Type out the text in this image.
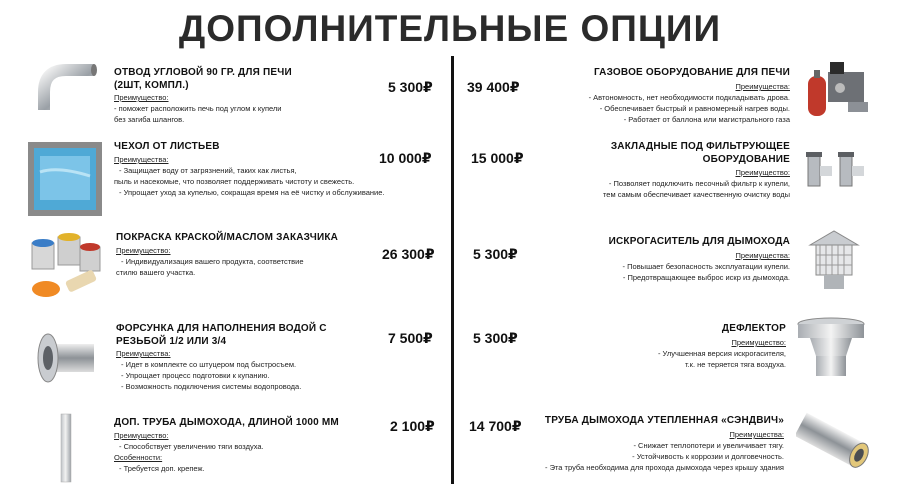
ДОПОЛНИТЕЛЬНЫЕ ОПЦИИ
ОТВОД УГЛОВОЙ 90 ГР. ДЛЯ ПЕЧИ (2ШТ, КОМПЛ.)
Преимущество:
- поможет расположить печь под углом к купели
без загиба шлангов.
5 300₽
ЧЕХОЛ ОТ ЛИСТЬЕВ
Преимущества:
- Защищает воду от загрязнений, таких как листья,
пыль и насекомые, что позволяет поддерживать чистоту и свежесть.
- Упрощает уход за купелью, сокращая время на её чистку и обслуживание.
10 000₽
ПОКРАСКА КРАСКОЙ/МАСЛОМ ЗАКАЗЧИКА
Преимущество:
- Индивидуализация вашего продукта, соответствие
стилю вашего участка.
26 300₽
ФОРСУНКА ДЛЯ НАПОЛНЕНИЯ ВОДОЙ С РЕЗЬБОЙ 1/2 ИЛИ 3/4
Преимущества:
- Идет в комплекте со штуцером под быстросъем.
- Упрощает процесс подготовки к купанию.
- Возможность подключения системы водопровода.
7 500₽
ДОП. ТРУБА ДЫМОХОДА, ДЛИНОЙ 1000 ММ
Преимущество:
- Способствует увеличению тяги воздуха.
Особенности:
- Требуется доп. крепеж.
2 100₽
39 400₽
ГАЗОВОЕ ОБОРУДОВАНИЕ ДЛЯ ПЕЧИ
Преимущества:
- Автономность, нет необходимости подкладывать дрова.
- Обеспечивает быстрый и равномерный нагрев воды.
- Работает от баллона или магистрального газа
15 000₽
ЗАКЛАДНЫЕ ПОД ФИЛЬТРУЮЩЕЕ ОБОРУДОВАНИЕ
Преимущество:
- Позволяет подключить песочный фильтр к купели,
тем самым обеспечивает качественную очистку воды
5 300₽
ИСКРОГАСИТЕЛЬ ДЛЯ ДЫМОХОДА
Преимущества:
- Повышает безопасность эксплуатации купели.
- Предотвращающее выброс искр из дымохода.
5 300₽
ДЕФЛЕКТОР
Преимущество:
- Улучшенная версия искрогасителя,
т.к. не теряется тяга воздуха.
14 700₽	ТРУБА ДЫМОХОДА УТЕПЛЕННАЯ «СЭНДВИЧ»
Преимущества:
- Снижает теплопотери и увеличивает тягу.
- Устойчивость к коррозии и долговечность.
- Эта труба необходима для прохода дымохода через крышу здания
